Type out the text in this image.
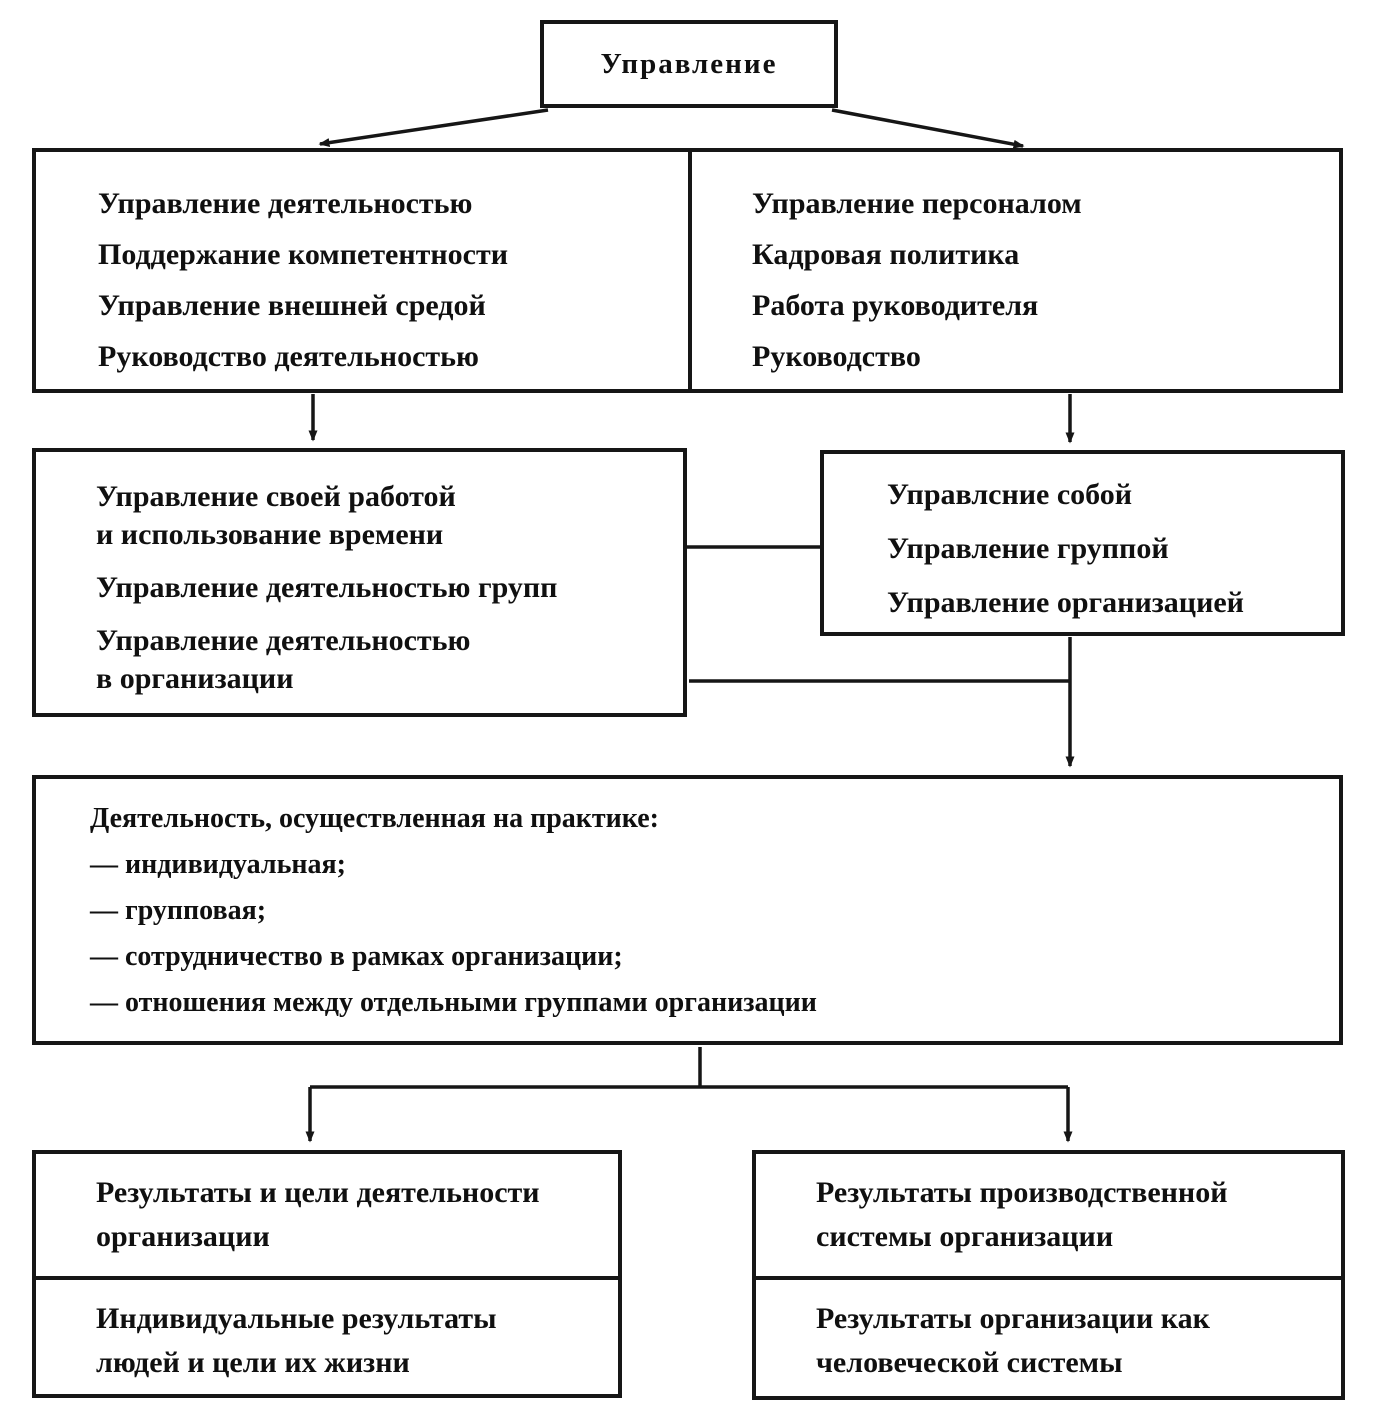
Управление
Управление деятельностью
Поддержание компетентности
Управление внешней средой
Руководство деятельностью
Управление персоналом
Кадровая политика
Работа руководителя
Руководство

Управление своей работой
и использование времени

Управление деятельностью групп

Управление деятельностью
в организации

Управлсние собой
Управление группой
Управление организацией
Деятельность, осуществленная на практике:
— индивидуальная;
— групповая;
— сотрудничество в рамках организации;
— отношения между отдельными группами организации
Результаты и цели деятельности
организации
Индивидуальные результаты
людей и цели их жизни
Результаты производственной
системы организации
Результаты организации как
человеческой системы
